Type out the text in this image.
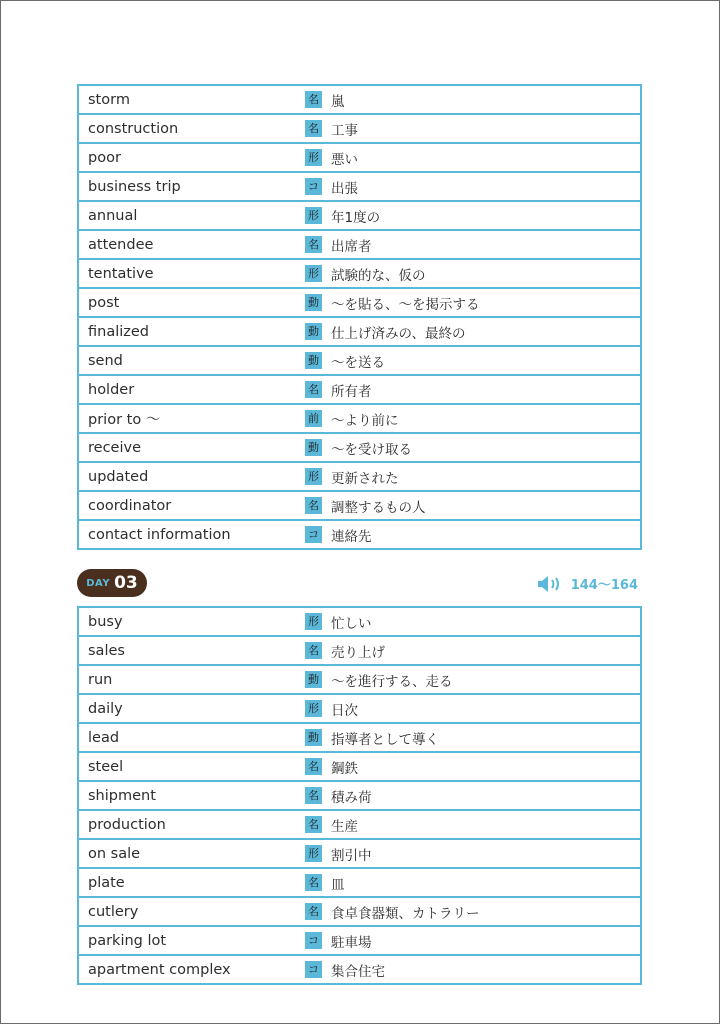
storm	名 嵐
construction	名 工事
poor	形 悪い
business trip	コ 出張
annual	形 年1度の
attendee	名 出席者
tentative	形 試験的な、仮の
post	動 〜を貼る、〜を掲示する
finalized	動 仕上げ済みの、最終の
send	動 〜を送る
holder	名 所有者
prior to 〜	前 〜より前に
receive	動 〜を受け取る
updated	形 更新された
coordinator	名 調整するもの人
contact information	コ 連絡先
DAY 03	144〜164
busy	形 忙しい
sales	名 売り上げ
run	動 〜を進行する、走る
daily	形 日次
lead	動 指導者として導く
steel	名 鋼鉄
shipment	名 積み荷
production	名 生産
on sale	形 割引中
plate	名 皿
cutlery	名 食卓食器類、カトラリー
parking lot	コ 駐車場
apartment complex	コ 集合住宅
